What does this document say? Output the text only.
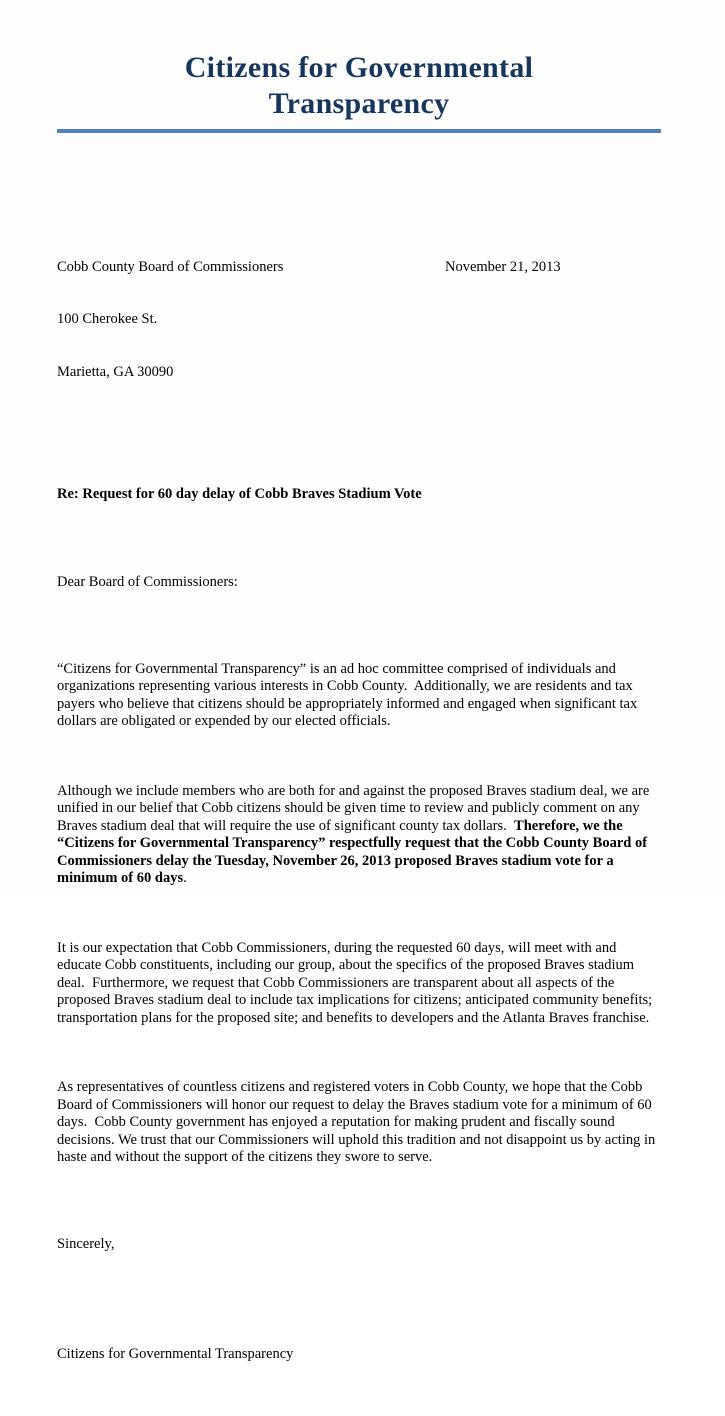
Citizens for Governmental
Transparency

Cobb County Board of Commissioners	November 21, 2013

100 Cherokee St.

Marietta, GA 30090

Re: Request for 60 day delay of Cobb Braves Stadium Vote

Dear Board of Commissioners:

“Citizens for Governmental Transparency” is an ad hoc committee comprised of individuals and organizations representing various interests in Cobb County.  Additionally, we are residents and tax payers who believe that citizens should be appropriately informed and engaged when significant tax dollars are obligated or expended by our elected officials.

Although we include members who are both for and against the proposed Braves stadium deal, we are unified in our belief that Cobb citizens should be given time to review and publicly comment on any Braves stadium deal that will require the use of significant county tax dollars.  Therefore, we the “Citizens for Governmental Transparency” respectfully request that the Cobb County Board of Commissioners delay the Tuesday, November 26, 2013 proposed Braves stadium vote for a minimum of 60 days.

It is our expectation that Cobb Commissioners, during the requested 60 days, will meet with and educate Cobb constituents, including our group, about the specifics of the proposed Braves stadium deal.  Furthermore, we request that Cobb Commissioners are transparent about all aspects of the proposed Braves stadium deal to include tax implications for citizens; anticipated community benefits; transportation plans for the proposed site; and benefits to developers and the Atlanta Braves franchise.

As representatives of countless citizens and registered voters in Cobb County, we hope that the Cobb Board of Commissioners will honor our request to delay the Braves stadium vote for a minimum of 60 days.  Cobb County government has enjoyed a reputation for making prudent and fiscally sound decisions. We trust that our Commissioners will uphold this tradition and not disappoint us by acting in haste and without the support of the citizens they swore to serve.

Sincerely,

Citizens for Governmental Transparency
